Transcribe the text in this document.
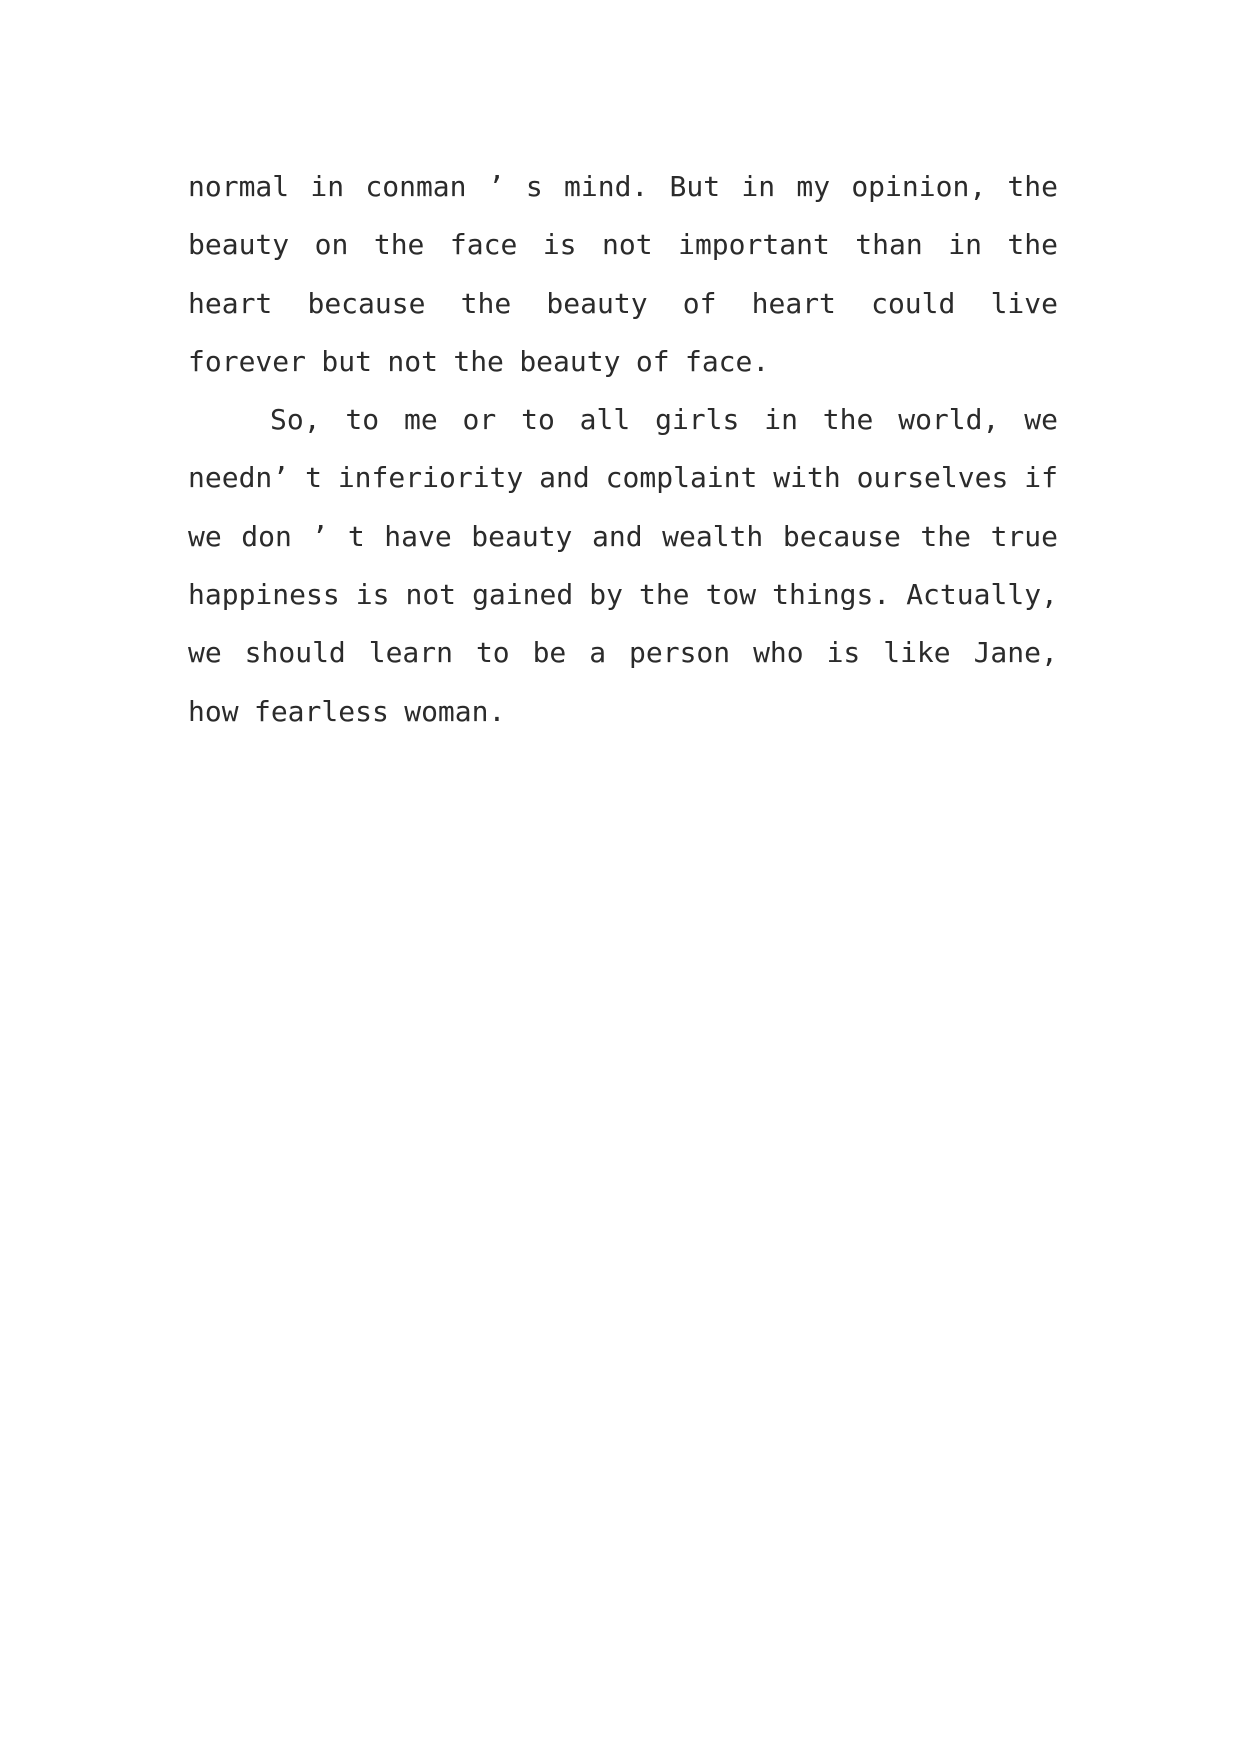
normal in conman ’ s mind. But in my opinion, the
beauty on the face is not important than in the
heart because the beauty of heart could live
forever but not the beauty of face.
So, to me or to all girls in the world, we
needn’ t inferiority and complaint with ourselves if
we don ’ t have beauty and wealth because the true
happiness is not gained by the tow things. Actually,
we should learn to be a person who is like Jane,
how fearless woman.
